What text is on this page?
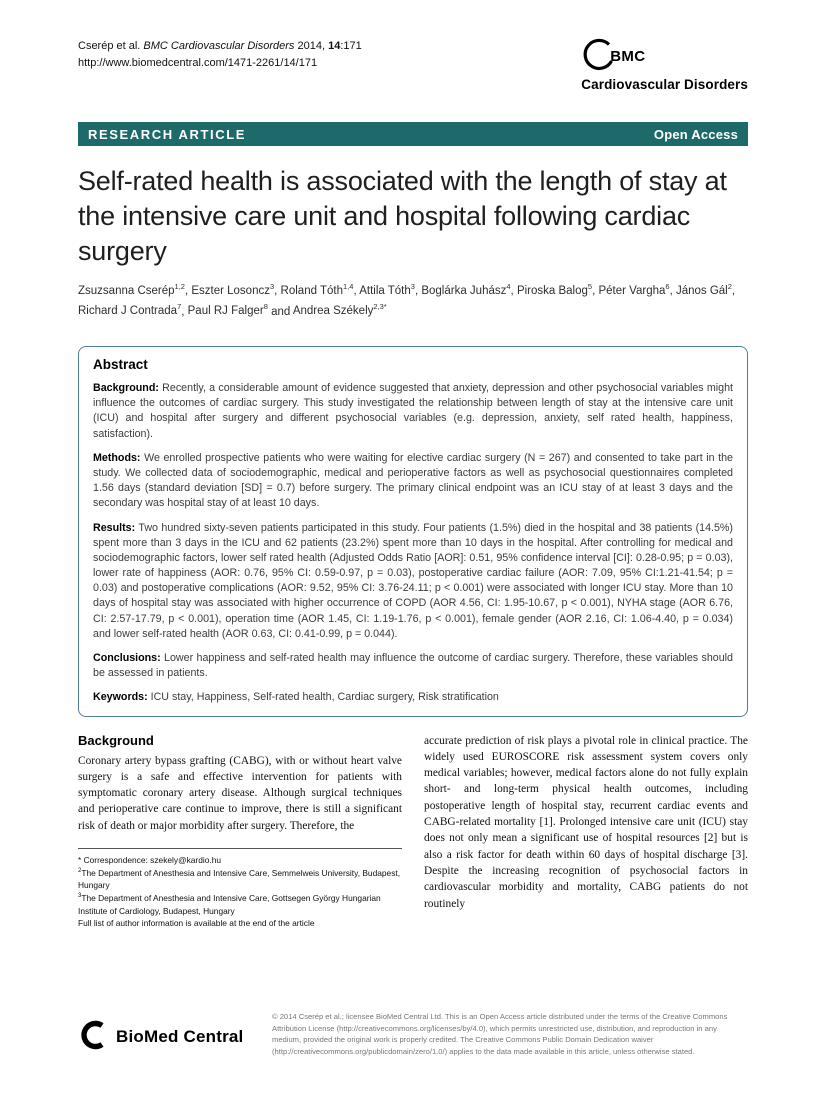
Cserép et al. BMC Cardiovascular Disorders 2014, 14:171
http://www.biomedcentral.com/1471-2261/14/171	BMC
Cardiovascular Disorders
RESEARCH ARTICLE	Open Access
Self-rated health is associated with the length of stay at the intensive care unit and hospital following cardiac surgery

Zsuzsanna Cserép$^{1,2}$, Eszter Losoncz$^3$, Roland Tóth$^{1,4}$, Attila Tóth$^3$, Boglárka Juhász$^4$, Piroska Balog$^5$, Péter Vargha$^6$, János Gál$^2$, Richard J Contrada$^7$, Paul RJ Falger$^8$ and Andrea Székely$^{2,3*}$

Abstract

Background: Recently, a considerable amount of evidence suggested that anxiety, depression and other psychosocial variables might influence the outcomes of cardiac surgery. This study investigated the relationship between length of stay at the intensive care unit (ICU) and hospital after surgery and different psychosocial variables (e.g. depression, anxiety, self rated health, happiness, satisfaction).

Methods: We enrolled prospective patients who were waiting for elective cardiac surgery (N = 267) and consented to take part in the study. We collected data of sociodemographic, medical and perioperative factors as well as psychosocial questionnaires completed 1.56 days (standard deviation [SD] = 0.7) before surgery. The primary clinical endpoint was an ICU stay of at least 3 days and the secondary was hospital stay of at least 10 days.

Results: Two hundred sixty-seven patients participated in this study. Four patients (1.5%) died in the hospital and 38 patients (14.5%) spent more than 3 days in the ICU and 62 patients (23.2%) spent more than 10 days in the hospital. After controlling for medical and sociodemographic factors, lower self rated health (Adjusted Odds Ratio [AOR]: 0.51, 95% confidence interval [CI]: 0.28-0.95; p = 0.03), lower rate of happiness (AOR: 0.76, 95% CI: 0.59-0.97, p = 0.03), postoperative cardiac failure (AOR: 7.09, 95% CI:1.21-41.54; p = 0.03) and postoperative complications (AOR: 9.52, 95% CI: 3.76-24.11; p < 0.001) were associated with longer ICU stay. More than 10 days of hospital stay was associated with higher occurrence of COPD (AOR 4.56, CI: 1.95-10.67, p < 0.001), NYHA stage (AOR 6.76, CI: 2.57-17.79, p < 0.001), operation time (AOR 1.45, CI: 1.19-1.76, p < 0.001), female gender (AOR 2.16, CI: 1.06-4.40, p = 0.034) and lower self-rated health (AOR 0.63, CI: 0.41-0.99, p = 0.044).

Conclusions: Lower happiness and self-rated health may influence the outcome of cardiac surgery. Therefore, these variables should be assessed in patients.

Keywords: ICU stay, Happiness, Self-rated health, Cardiac surgery, Risk stratification

Background

Coronary artery bypass grafting (CABG), with or without heart valve surgery is a safe and effective intervention for patients with symptomatic coronary artery disease. Although surgical techniques and perioperative care continue to improve, there is still a significant risk of death or major morbidity after surgery. Therefore, the

* Correspondence: szekely@kardio.hu
$^2$The Department of Anesthesia and Intensive Care, Semmelweis University, Budapest, Hungary
$^3$The Department of Anesthesia and Intensive Care, Gottsegen György Hungarian Institute of Cardiology, Budapest, Hungary
Full list of author information is available at the end of the article

accurate prediction of risk plays a pivotal role in clinical practice. The widely used EUROSCORE risk assessment system covers only medical variables; however, medical factors alone do not fully explain short- and long-term physical health outcomes, including postoperative length of hospital stay, recurrent cardiac events and CABG-related mortality [1]. Prolonged intensive care unit (ICU) stay does not only mean a significant use of hospital resources [2] but is also a risk factor for death within 60 days of hospital discharge [3]. Despite the increasing recognition of psychosocial factors in cardiovascular morbidity and mortality, CABG patients do not routinely

BioMed Central

© 2014 Cserép et al.; licensee BioMed Central Ltd. This is an Open Access article distributed under the terms of the Creative Commons Attribution License (http://creativecommons.org/licenses/by/4.0), which permits unrestricted use, distribution, and reproduction in any medium, provided the original work is properly credited. The Creative Commons Public Domain Dedication waiver (http://creativecommons.org/publicdomain/zero/1.0/) applies to the data made available in this article, unless otherwise stated.
